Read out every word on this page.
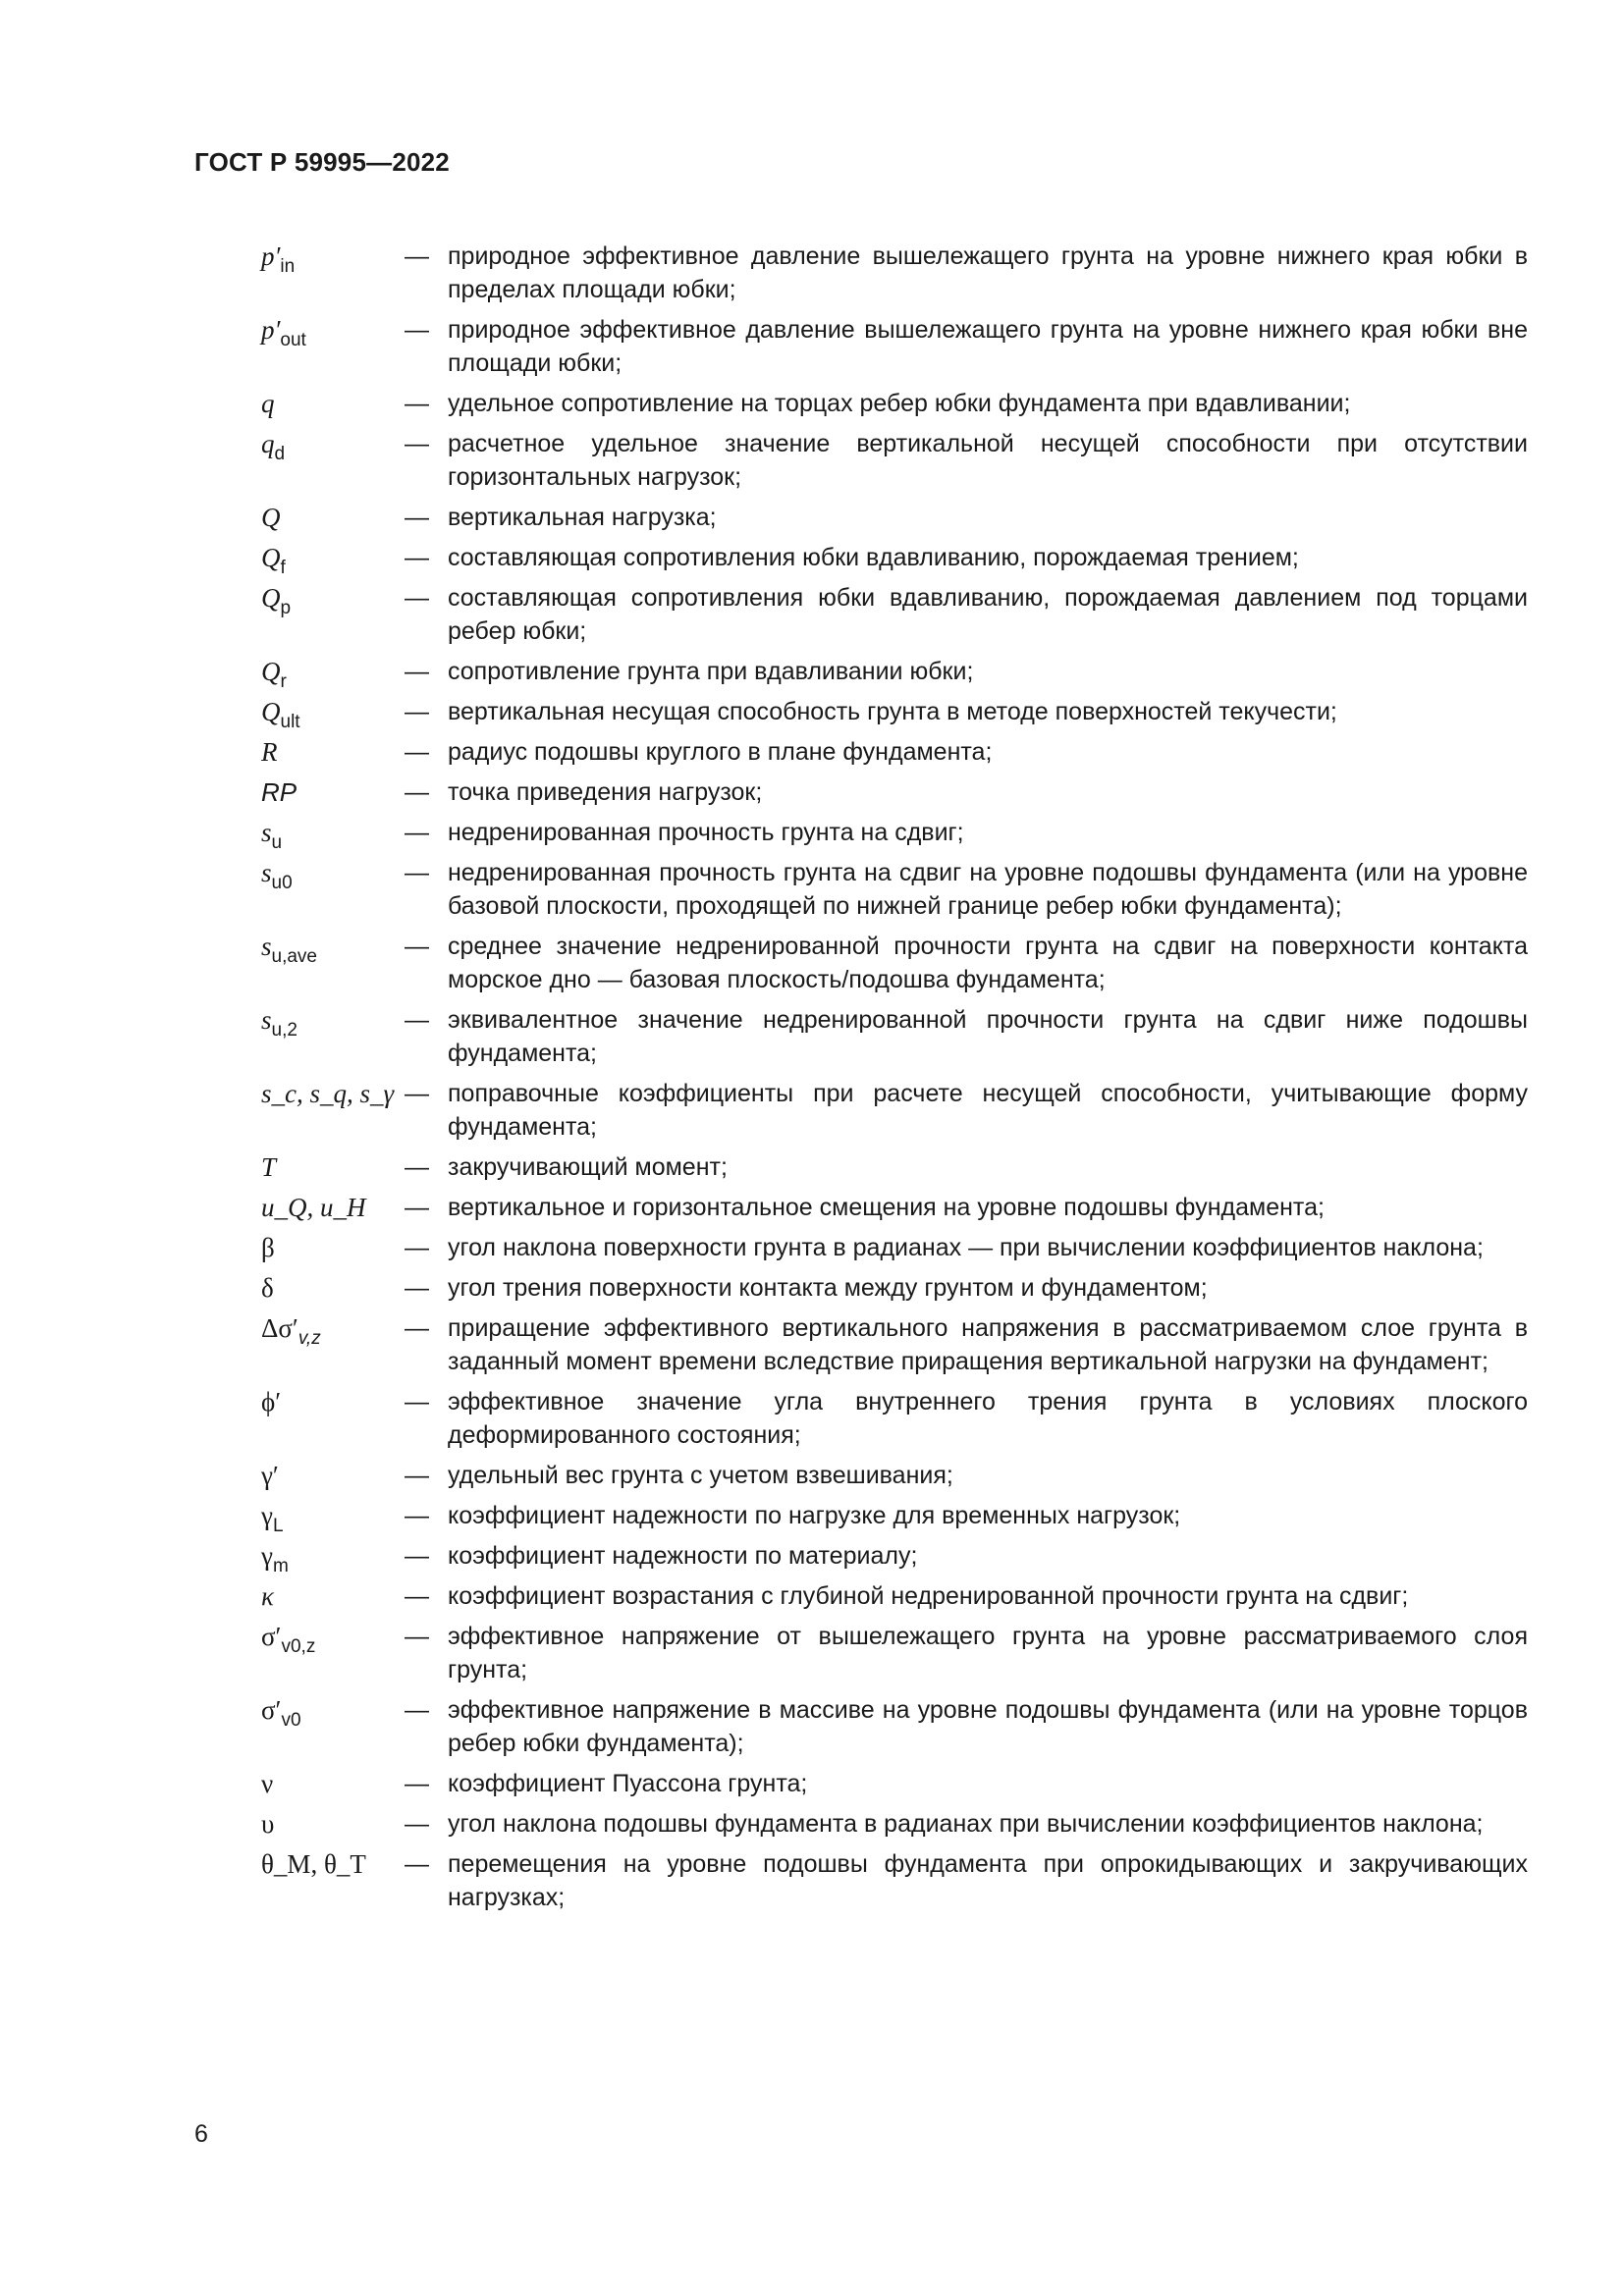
ГОСТ Р 59995—2022
$p'_{in}$	— природное эффективное давление вышележащего грунта на уровне нижнего края юбки в пределах площади юбки;
$p'_{out}$	— природное эффективное давление вышележащего грунта на уровне нижнего края юбки вне площади юбки;
q	— удельное сопротивление на торцах ребер юбки фундамента при вдавливании;
$q_d$	— расчетное удельное значение вертикальной несущей способности при отсутствии горизонтальных нагрузок;
Q	— вертикальная нагрузка;
$Q_f$	— составляющая сопротивления юбки вдавливанию, порождаемая трением;
$Q_p$	— составляющая сопротивления юбки вдавливанию, порождаемая давлением под торцами ребер юбки;
$Q_r$	— сопротивление грунта при вдавливании юбки;
$Q_{ult}$	— вертикальная несущая способность грунта в методе поверхностей текучести;
R	— радиус подошвы круглого в плане фундамента;
RP	— точка приведения нагрузок;
$s_u$	— недренированная прочность грунта на сдвиг;
$s_{u0}$	— недренированная прочность грунта на сдвиг на уровне подошвы фундамента (или на уровне базовой плоскости, проходящей по нижней границе ребер юбки фундамента);
$s_{u,ave}$	— среднее значение недренированной прочности грунта на сдвиг на поверхности контакта морское дно — базовая плоскость/подошва фундамента;
$s_{u,2}$	— эквивалентное значение недренированной прочности грунта на сдвиг ниже подошвы фундамента;
s_c, s_q, s_γ — поправочные коэффициенты при расчете несущей способности, учитывающие форму фундамента;
T	— закручивающий момент;
u_Q, u_H	— вертикальное и горизонтальное смещения на уровне подошвы фундамента;
β	— угол наклона поверхности грунта в радианах — при вычислении коэффициентов наклона;
δ	— угол трения поверхности контакта между грунтом и фундаментом;
$\Delta\sigma'_{v,z}$	— приращение эффективного вертикального напряжения в рассматриваемом слое грунта в заданный момент времени вследствие приращения вертикальной нагрузки на фундамент;
ϕ′	— эффективное значение угла внутреннего трения грунта в условиях плоского деформированного состояния;
γ′	— удельный вес грунта с учетом взвешивания;
$\gamma_L$	— коэффициент надежности по нагрузке для временных нагрузок;
$\gamma_m$	— коэффициент надежности по материалу;
κ	— коэффициент возрастания с глубиной недренированной прочности грунта на сдвиг;
$\sigma'_{v0,z}$	— эффективное напряжение от вышележащего грунта на уровне рассматриваемого слоя грунта;
$\sigma'_{v0}$	— эффективное напряжение в массиве на уровне подошвы фундамента (или на уровне торцов ребер юбки фундамента);
ν	— коэффициент Пуассона грунта;
υ	— угол наклона подошвы фундамента в радианах при вычислении коэффициентов наклона;
θ_M, θ_T	— перемещения на уровне подошвы фундамента при опрокидывающих и закручивающих нагрузках;
6
